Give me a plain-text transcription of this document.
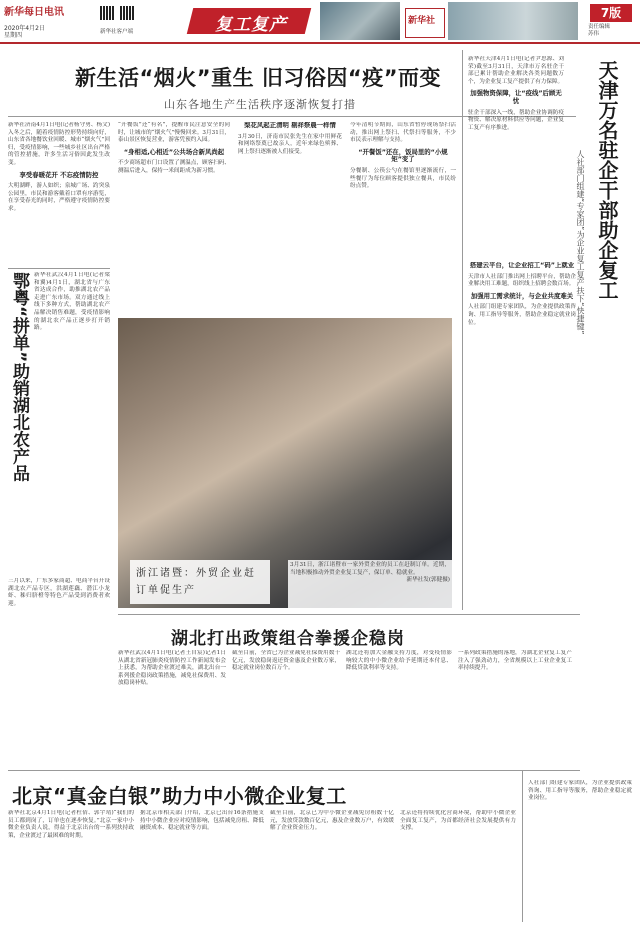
新华每日电讯
2020年4月2日
星期四	新华社客户端	复工复产	新华社
7版
责任编辑
苏伟
新生活“烟火”重生 旧习俗因“疫”而变
山东各地生产生活秩序逐渐恢复打措
新华社济南4月1日电(记者杨守勇、杨文)入冬之后，随着疫情防控形势持续向好，山东省各地餐饮业回暖、城市“烟火气”回归，受疫情影响，一些城乡社区出台严格的管控措施，许多生活习俗因此发生改变。
享受春暖花开 不忘疫情防控
大明湖畔，游人如织；泉城广场、趵突泉公园里，市民和游客戴着口罩有序游览，在享受春光的同时，严格遵守疫情防控要求。
“开餐饭”还“有名”，提醒市民注意安全的同时，让城市的“烟火气”慢慢回来。3月31日，泰山景区恢复营业，游客凭预约入园。
“身相适,心相近”公共场合新风尚起
不少商场超市门口设置了测温点，顾客扫码、测温后进入，保持一米间距成为新习惯。
梨花风起正清明 剔祥祭晨一样情
3月30日，济南市民张先生在家中用鲜花和网络祭奠已故亲人，近年来绿色殡葬、网上祭扫逐渐被人们接受。
今年清明节期间，山东省暂停现场祭扫活动，推出网上祭扫、代祭扫等服务，不少市民表示理解与支持。
“开餐饭”还在，饭局里的“小规矩”变了
分餐制、公筷公勺在餐馆里逐渐流行，一些餐厅为每位顾客提供独立餐具，市民纷纷点赞。
鄂粤“拼单”助销湖北农产品 新华社武汉4月1日电(记者梁和翼)4月1日，湖北省与广东省达成合作，助推湖北农产品走进广东市场。双方通过线上线下多种方式，帮助湖北农产品解决销售难题，受疫情影响的湖北农产品正逐步打开销路。
三月以来，广东多家商超、电商平台开设湖北农产品专区，洪湖莲藕、潜江小龙虾、秭归脐橙等特色产品受到消费者欢迎。
浙江诸暨：外贸企业赶订单促生产
3月31日，浙江诸暨市一家外贸企业的员工在赶制订单。近期，当地积极推动外贸企业复工复产，保订单、稳就业。
新华社发(郭健摄)
湖北打出政策组合拳援企稳岗
新华社武汉4月1日电(记者王自宸)记者1日从湖北省新冠肺炎疫情防控工作新闻发布会上获悉，为帮助企业渡过难关，湖北出台一系列援企稳岗政策措施，减免社保费用、发放稳岗补贴。
截至目前，全省已为企业减免社保费用数十亿元，发放稳岗返还资金惠及企业数万家，稳定就业岗位数百万个。
湖北还将加大金融支持力度，对受疫情影响较大的中小微企业给予延期还本付息、降低贷款利率等支持。
一系列政策措施的落地，为湖北企业复工复产注入了强劲动力，全省规模以上工业企业复工率持续提升。
北京“真金白银”助力中小微企业复工
新华社北京4月1日电(记者杜倩、郭宇靖)“我们的员工都到岗了，订单也在逐步恢复。”北京一家中小微企业负责人说，得益于北京出台的一系列扶持政策，企业渡过了最困难的时期。
据北京市相关部门介绍，北京已出台16条措施支持中小微企业应对疫情影响，包括减免房租、降低融资成本、稳定就业等方面。
截至目前，北京已为中小微企业减免房租数十亿元，发放贷款数百亿元，惠及企业数万户，有效缓解了企业资金压力。
北京还将持续优化营商环境，帮助中小微企业全面复工复产，为首都经济社会发展提供有力支撑。
新华社天津4月1日电(记者尹思源、刘荣)截至3月31日，天津市万名驻企干部已累计帮助企业解决各类问题数万个，为企业复工复产提供了有力保障。
加强物资保障，让“疫线”后顾无忧
驻企干部深入一线，帮助企业协调防疫物资、解决原材料供应等问题，企业复工复产有序推进。	天津万名驻企干部助企复工
人社部门组建“专家团”为企业复工复产扶下“快捷键”
搭建云平台，让企业招工“码”上就业
天津市人社部门推出网上招聘平台，帮助企业解决用工难题，组织线上招聘会数百场。
加强用工需求统计，与企业共度难关
人社部门组建专家团队，为企业提供政策咨询、用工指导等服务，帮助企业稳定就业岗位。
人社部门组建专家团队，为企业提供政策咨询、用工指导等服务，帮助企业稳定就业岗位。
